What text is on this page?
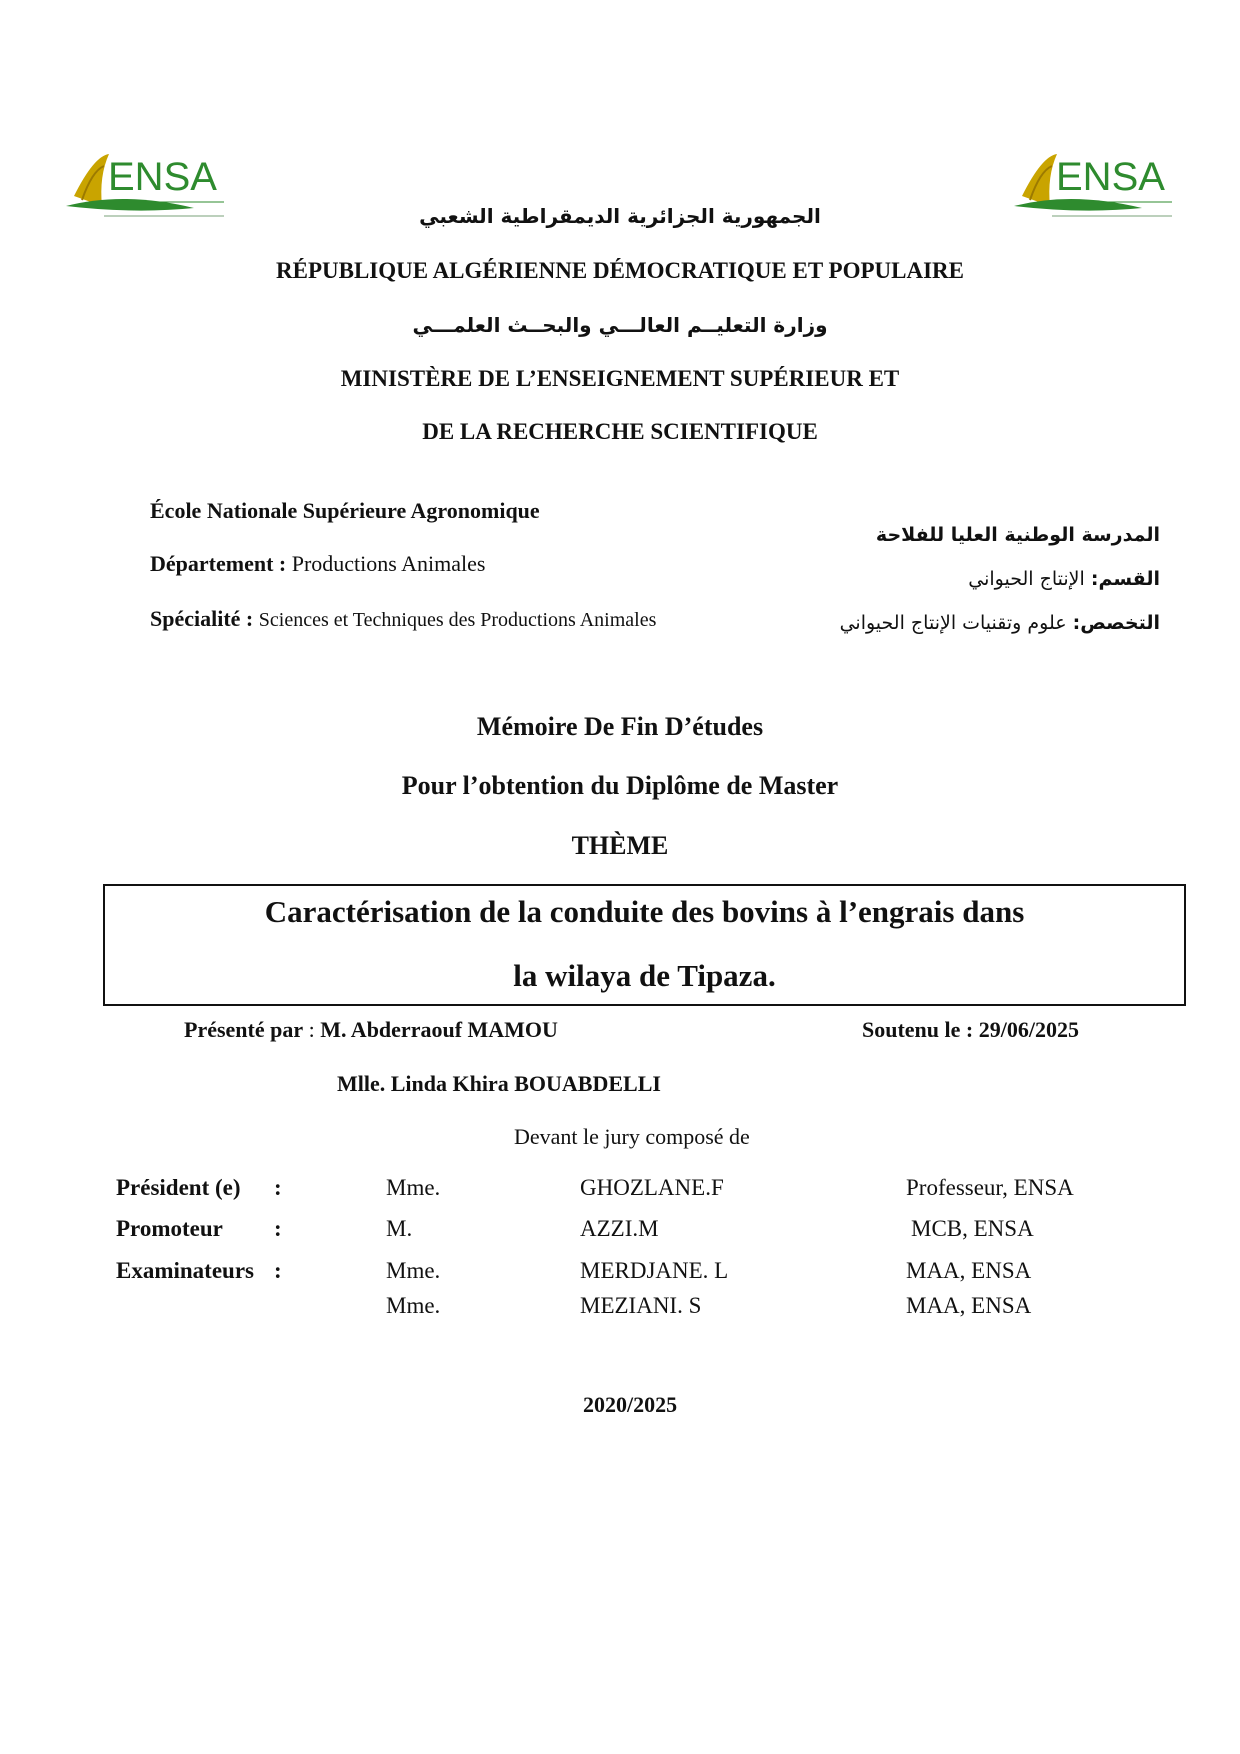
ENSA	ENSA
الجمهورية الجزائرية الديمقراطية الشعبي
RÉPUBLIQUE ALGÉRIENNE DÉMOCRATIQUE ET POPULAIRE
وزارة التعليــم العالـــي والبحــث العلمـــي
MINISTÈRE DE L’ENSEIGNEMENT SUPÉRIEUR ET
DE LA RECHERCHE SCIENTIFIQUE
École Nationale Supérieure Agronomique
Département : Productions Animales
Spécialité : Sciences et Techniques des Productions Animales
المدرسة الوطنية العليا للفلاحة
القسم: الإنتاج الحيواني
التخصص: علوم وتقنيات الإنتاج الحيواني
Mémoire De Fin D’études
Pour l’obtention du Diplôme de Master
THÈME
Caractérisation de la conduite des bovins à l’engrais dans
la wilaya de Tipaza.
Présenté par : M. Abderraouf MAMOU	Soutenu le : 29/06/2025
Mlle. Linda Khira BOUABDELLI
Devant le jury composé de
Président (e) :	Mme.	GHOZLANE.F	Professeur, ENSA
Promoteur :	M.	AZZI.M	MCB, ENSA
Examinateurs :	Mme.	MERDJANE. L	MAA, ENSA
Mme.	MEZIANI. S	MAA, ENSA
2020/2025
